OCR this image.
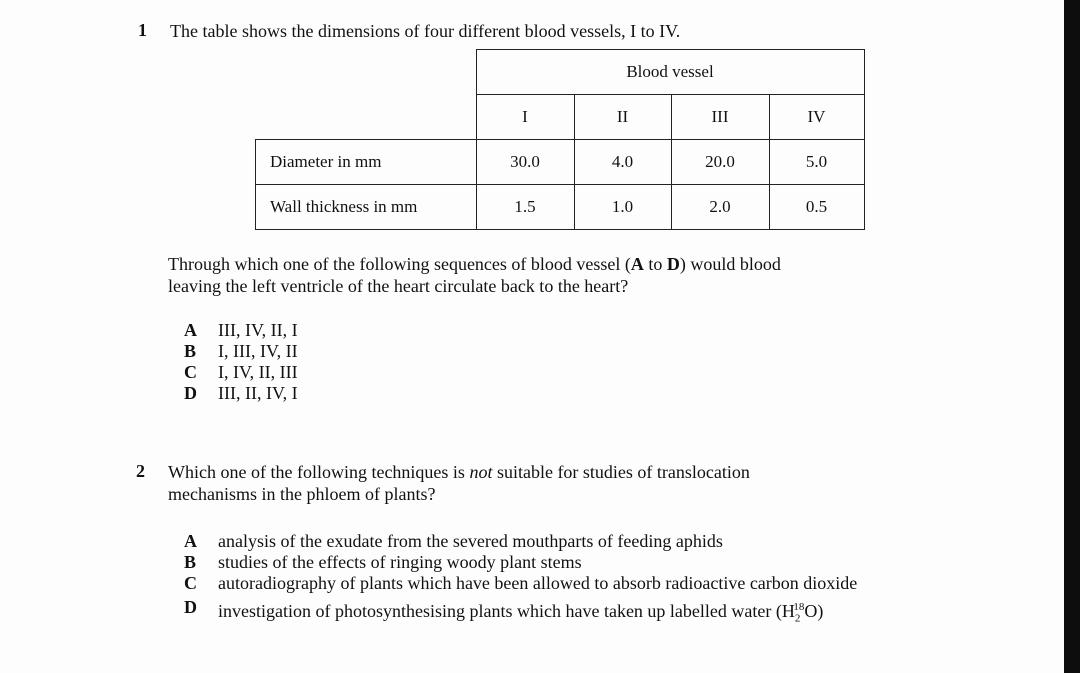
1 The table shows the dimensions of four different blood vessels, I to IV.
	Blood vessel			
	I	II	III	IV
Diameter in mm	30.0	4.0	20.0	5.0
Wall thickness in mm	1.5	1.0	2.0	0.5
Through which one of the following sequences of blood vessel (A to D) would blood
leaving the left ventricle of the heart circulate back to the heart?
A	III, IV, II, I
B	I, III, IV, II
C	I, IV, II, III
D	III, II, IV, I
2 Which one of the following techniques is not suitable for studies of translocation
mechanisms in the phloem of plants?
A	analysis of the exudate from the severed mouthparts of feeding aphids
B	studies of the effects of ringing woody plant stems
C	autoradiography of plants which have been allowed to absorb radioactive carbon dioxide
D	investigation of photosynthesising plants which have taken up labelled water $(H_2^{18}O)$
